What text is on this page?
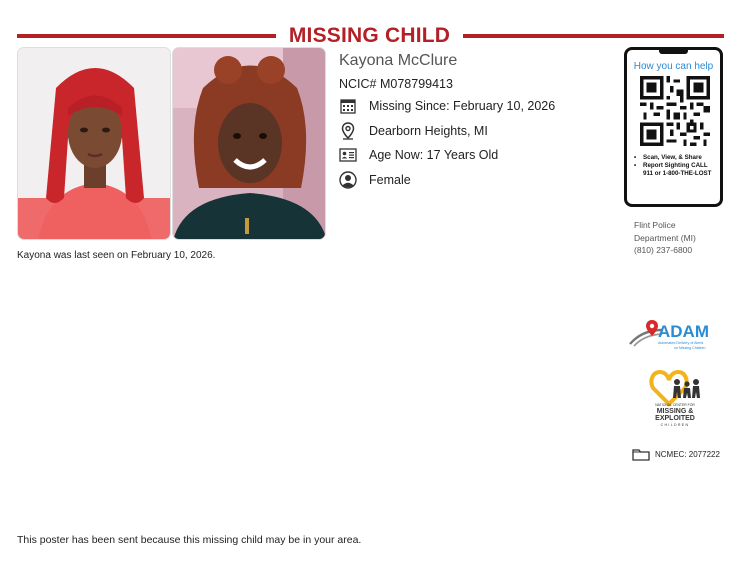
MISSING CHILD
Kayona McClure
NCIC# M078799413
Missing Since: February 10, 2026
Dearborn Heights, MI
Age Now: 17 Years Old
Female
Kayona was last seen on February 10, 2026.
How you can help
• Scan, View, & Share
• Report Sighting CALL 911 or 1-800-THE-LOST
Flint Police
Department (MI)
(810) 237-6800
ADAM
Automated Delivery of Alerts
on Missing Children
NATIONAL CENTER FOR
MISSING &
EXPLOITED
CHILDREN
NCMEC: 2077222
This poster has been sent because this missing child may be in your area.
